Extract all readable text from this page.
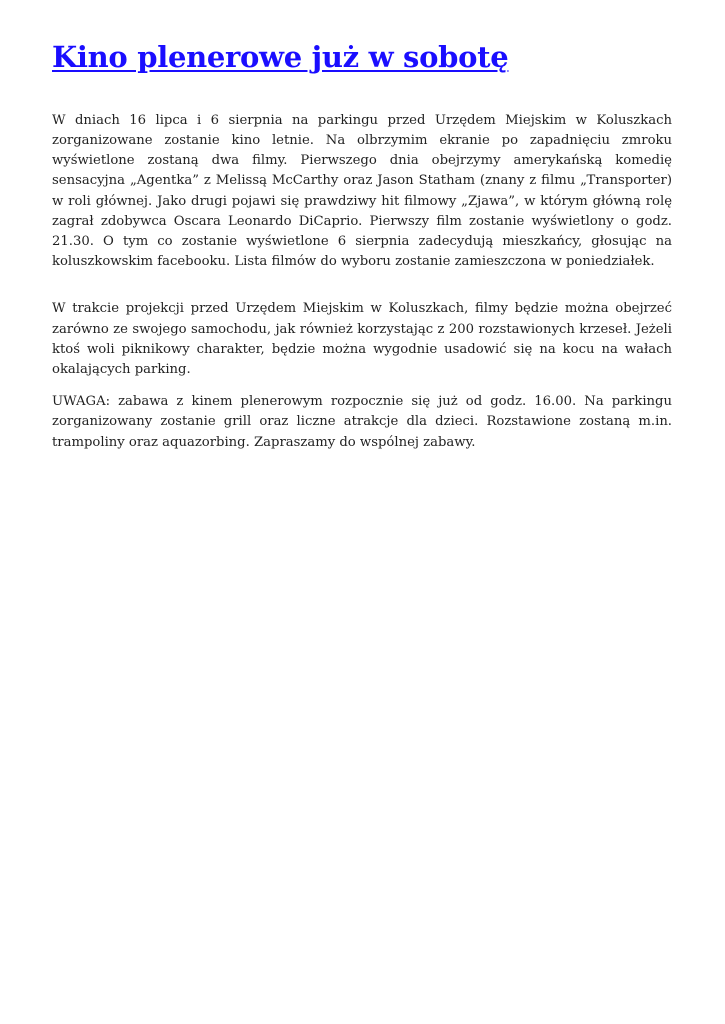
Kino plenerowe już w sobotę

W dniach 16 lipca i 6 sierpnia na parkingu przed Urzędem Miejskim w Koluszkach zorganizowane zostanie kino letnie. Na olbrzymim ekranie po zapadnięciu zmroku wyświetlone zostaną dwa filmy. Pierwszego dnia obejrzymy amerykańską komedię sensacyjna „Agentka” z Melissą McCarthy oraz Jason Statham (znany z filmu „Transporter) w roli głównej. Jako drugi pojawi się prawdziwy hit filmowy „Zjawa”, w którym główną rolę zagrał zdobywca Oscara Leonardo DiCaprio. Pierwszy film zostanie wyświetlony o godz. 21.30. O tym co zostanie wyświetlone 6 sierpnia zadecydują mieszkańcy, głosując na koluszkowskim facebooku. Lista filmów do wyboru zostanie zamieszczona w poniedziałek.

W trakcie projekcji przed Urzędem Miejskim w Koluszkach, filmy będzie można obejrzeć zarówno ze swojego samochodu, jak również korzystając z 200 rozstawionych krzeseł. Jeżeli ktoś woli piknikowy charakter, będzie można wygodnie usadowić się na kocu na wałach okalających parking.

UWAGA: zabawa z kinem plenerowym rozpocznie się już od godz. 16.00. Na parkingu zorganizowany zostanie grill oraz liczne atrakcje dla dzieci. Rozstawione zostaną m.in. trampoliny oraz aquazorbing. Zapraszamy do wspólnej zabawy.
